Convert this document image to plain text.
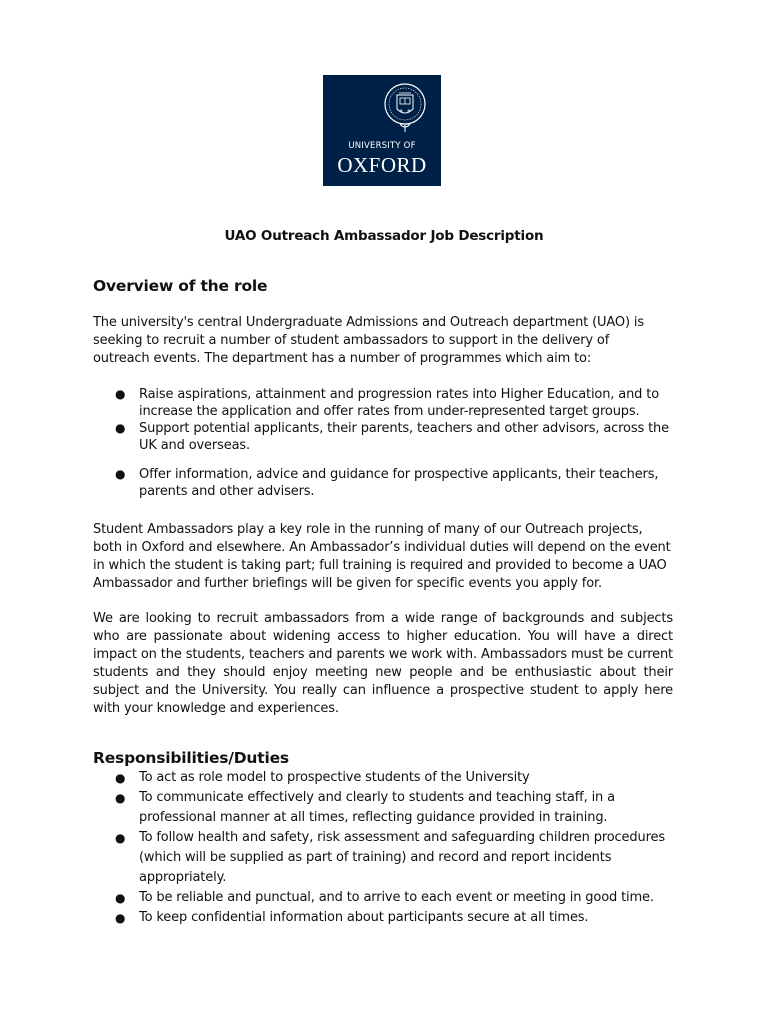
UNIVERSITY OF
OXFORD
UAO Outreach Ambassador Job Description
Overview of the role

The university's central Undergraduate Admissions and Outreach department (UAO) is seeking to recruit a number of student ambassadors to support in the delivery of outreach events. The department has a number of programmes which aim to:

● Raise aspirations, attainment and progression rates into Higher Education, and to increase the application and offer rates from under-represented target groups.
● Support potential applicants, their parents, teachers and other advisors, across the UK and overseas.
● Offer information, advice and guidance for prospective applicants, their teachers, parents and other advisers.

Student Ambassadors play a key role in the running of many of our Outreach projects, both in Oxford and elsewhere. An Ambassador’s individual duties will depend on the event in which the student is taking part; full training is required and provided to become a UAO Ambassador and further briefings will be given for specific events you apply for.

We are looking to recruit ambassadors from a wide range of backgrounds and subjects who are passionate about widening access to higher education. You will have a direct impact on the students, teachers and parents we work with. Ambassadors must be current students and they should enjoy meeting new people and be enthusiastic about their subject and the University. You really can influence a prospective student to apply here with your knowledge and experiences.

Responsibilities/Duties
● To act as role model to prospective students of the University
● To communicate effectively and clearly to students and teaching staff, in a professional manner at all times, reflecting guidance provided in training.
● To follow health and safety, risk assessment and safeguarding children procedures (which will be supplied as part of training) and record and report incidents appropriately.
● To be reliable and punctual, and to arrive to each event or meeting in good time.
● To keep confidential information about participants secure at all times.
